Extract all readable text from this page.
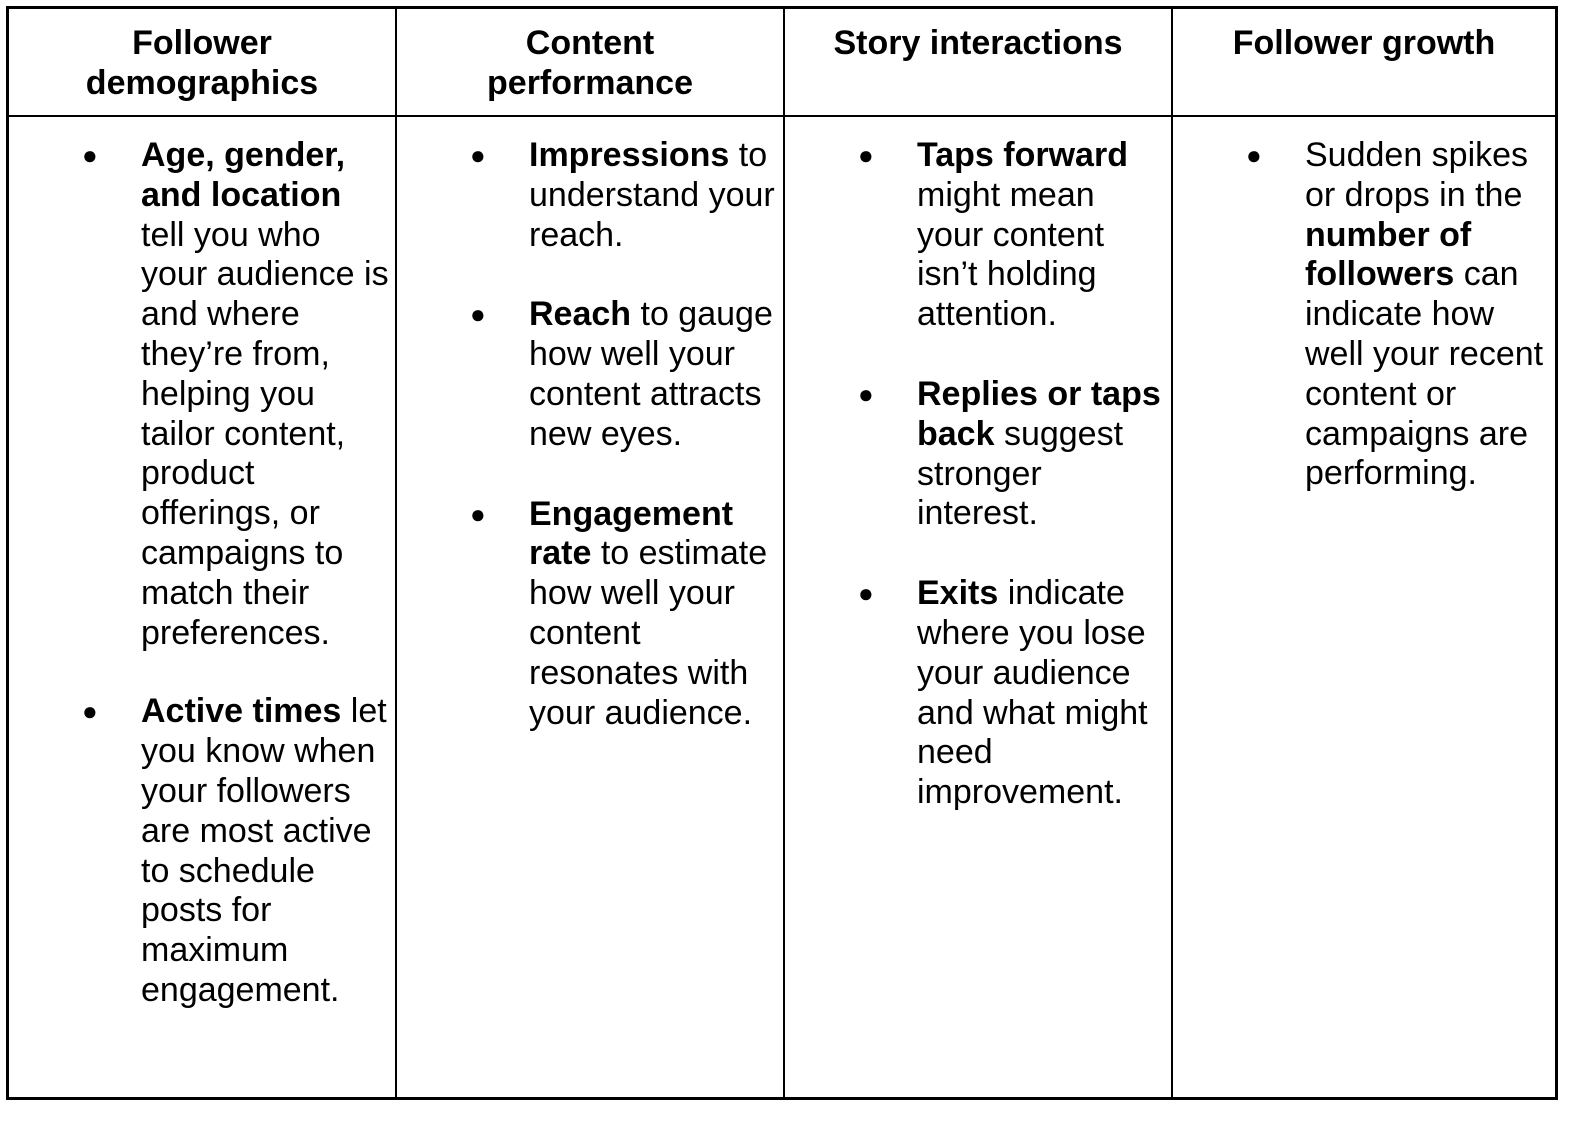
Follower
demographics
Content
performance
Story interactions	Follower growth
● Age, gender, and location tell you who your audience is and where they’re from, helping you tailor content, product offerings, or campaigns to match their preferences.
● Active times let you know when your followers are most active to schedule posts for maximum engagement.
● Impressions to understand your reach.
● Reach to gauge how well your content attracts new eyes.
● Engagement rate to estimate how well your content resonates with your audience.
● Taps forward might mean your content isn’t holding attention.
● Replies or taps back suggest stronger interest.
● Exits indicate where you lose your audience and what might need improvement.
● Sudden spikes or drops in the number of followers can indicate how well your recent content or campaigns are performing.
